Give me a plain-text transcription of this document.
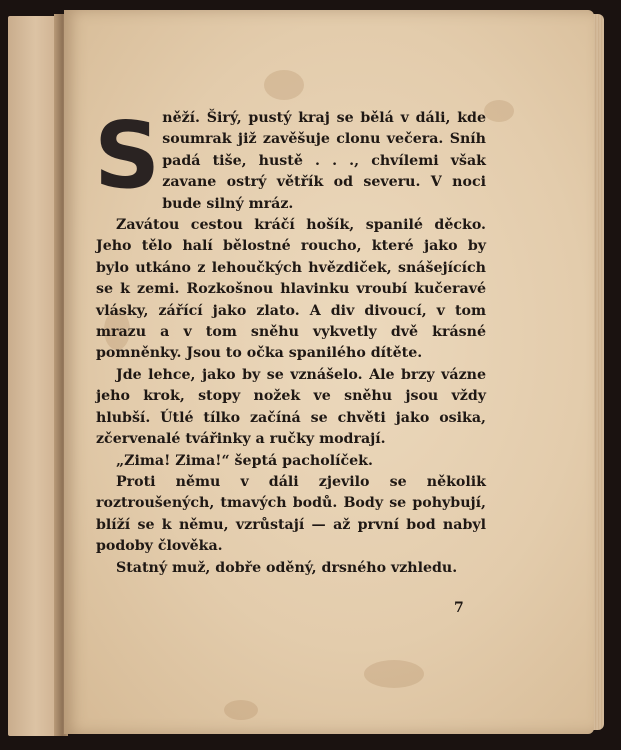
Sněží. Širý, pustý kraj se bělá v dáli, kde soumrak již zavěšuje clonu večera. Sníh padá tiše, hustě . . ., chvílemi však zavane ostrý větřík od severu. V noci bude silný mráz.

Zavátou cestou kráčí hošík, spanilé děcko. Jeho tělo halí bělostné roucho, které jako by bylo utkáno z lehoučkých hvězdiček, snášejících se k zemi. Rozkošnou hlavinku vroubí kučeravé vlásky, zářící jako zlato. A div divoucí, v tom mrazu a v tom sněhu vykvetly dvě krásné pomněnky. Jsou to očka spanilého dítěte.

Jde lehce, jako by se vznášelo. Ale brzy vázne jeho krok, stopy nožek ve sněhu jsou vždy hlubší. Útlé tílko začíná se chvěti jako osika, zčervenalé tvářinky a ručky modrají.

„Zima! Zima!“ šeptá pacholíček.

Proti němu v dáli zjevilo se několik roztroušených, tmavých bodů. Body se pohybují, blíží se k němu, vzrůstají — až první bod nabyl podoby člověka.

Statný muž, dobře oděný, drsného vzhledu.

7
